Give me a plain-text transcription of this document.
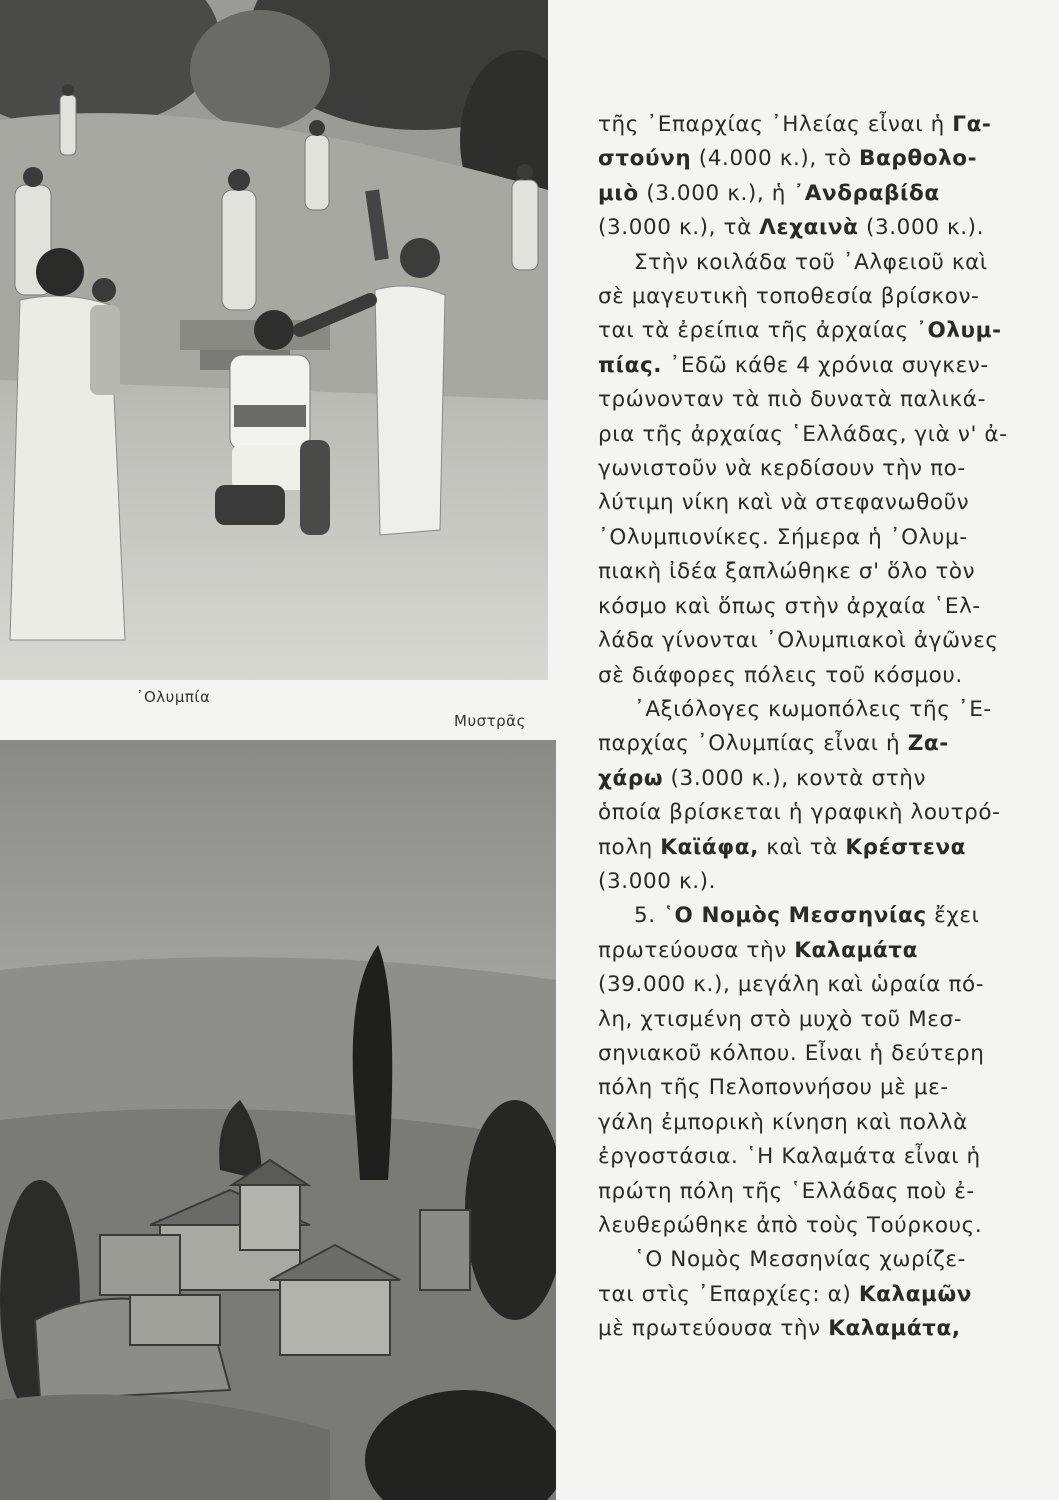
᾿Ολυμπία
Μυστρᾶς

τῆς ᾿Επαρχίας ᾿Ηλείας εἶναι ἡ Γα-
στούνη (4.000 κ.), τὸ Βαρθολο-
μιὸ (3.000 κ.), ἡ ᾿Ανδραβίδα
(3.000 κ.), τὰ Λεχαινὰ (3.000 κ.).

Στὴν κοιλάδα τοῦ ᾿Αλφειοῦ καὶ
σὲ μαγευτικὴ τοποθεσία βρίσκον-
ται τὰ ἐρείπια τῆς ἀρχαίας ᾿Ολυμ-
πίας. ᾿Εδῶ κάθε 4 χρόνια συγκεν-
τρώνονταν τὰ πιὸ δυνατὰ παλικά-
ρια τῆς ἀρχαίας ῾Ελλάδας, γιὰ ν' ἀ-
γωνιστοῦν νὰ κερδίσουν τὴν πο-
λύτιμη νίκη καὶ νὰ στεφανωθοῦν
᾿Ολυμπιονίκες. Σήμερα ἡ ᾿Ολυμ-
πιακὴ ἰδέα ξαπλώθηκε σ' ὅλο τὸν
κόσμο καὶ ὅπως στὴν ἀρχαία ῾Ελ-
λάδα γίνονται ᾿Ολυμπιακοὶ ἀγῶνες
σὲ διάφορες πόλεις τοῦ κόσμου.

᾿Αξιόλογες κωμοπόλεις τῆς ᾿Ε-
παρχίας ᾿Ολυμπίας εἶναι ἡ Ζα-
χάρω (3.000 κ.), κοντὰ στὴν
ὁποία βρίσκεται ἡ γραφικὴ λουτρό-
πολη Καϊάφα, καὶ τὰ Κρέστενα
(3.000 κ.).

5. ῾Ο Νομὸς Μεσσηνίας ἔχει
πρωτεύουσα τὴν Καλαμάτα
(39.000 κ.), μεγάλη καὶ ὡραία πό-
λη, χτισμένη στὸ μυχὸ τοῦ Μεσ-
σηνιακοῦ κόλπου. Εἶναι ἡ δεύτερη
πόλη τῆς Πελοποννήσου μὲ με-
γάλη ἐμπορικὴ κίνηση καὶ πολλὰ
ἐργοστάσια. ῾Η Καλαμάτα εἶναι ἡ
πρώτη πόλη τῆς ῾Ελλάδας ποὺ ἐ-
λευθερώθηκε ἀπὸ τοὺς Τούρκους.

῾Ο Νομὸς Μεσσηνίας χωρίζε-
ται στὶς ᾿Επαρχίες: α) Καλαμῶν
μὲ πρωτεύουσα τὴν Καλαμάτα,
